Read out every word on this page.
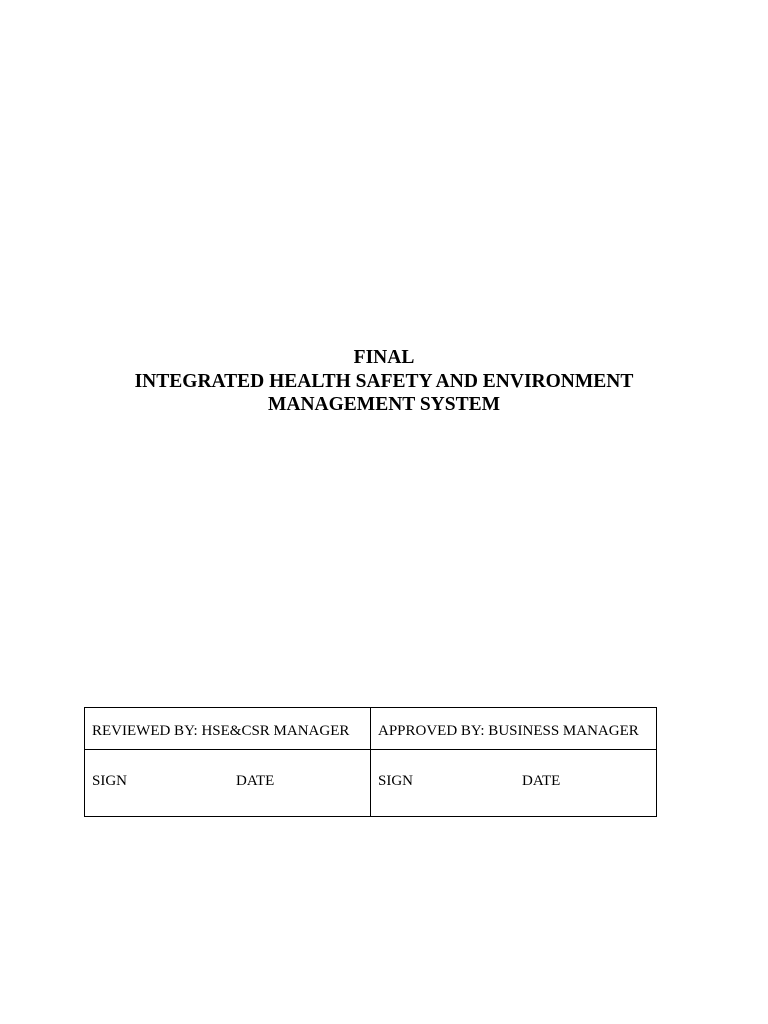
FINAL
INTEGRATED HEALTH SAFETY AND ENVIRONMENT
MANAGEMENT SYSTEM
REVIEWED BY: HSE&CSR MANAGER	APPROVED BY: BUSINESS MANAGER

SIGN DATE	SIGN DATE
